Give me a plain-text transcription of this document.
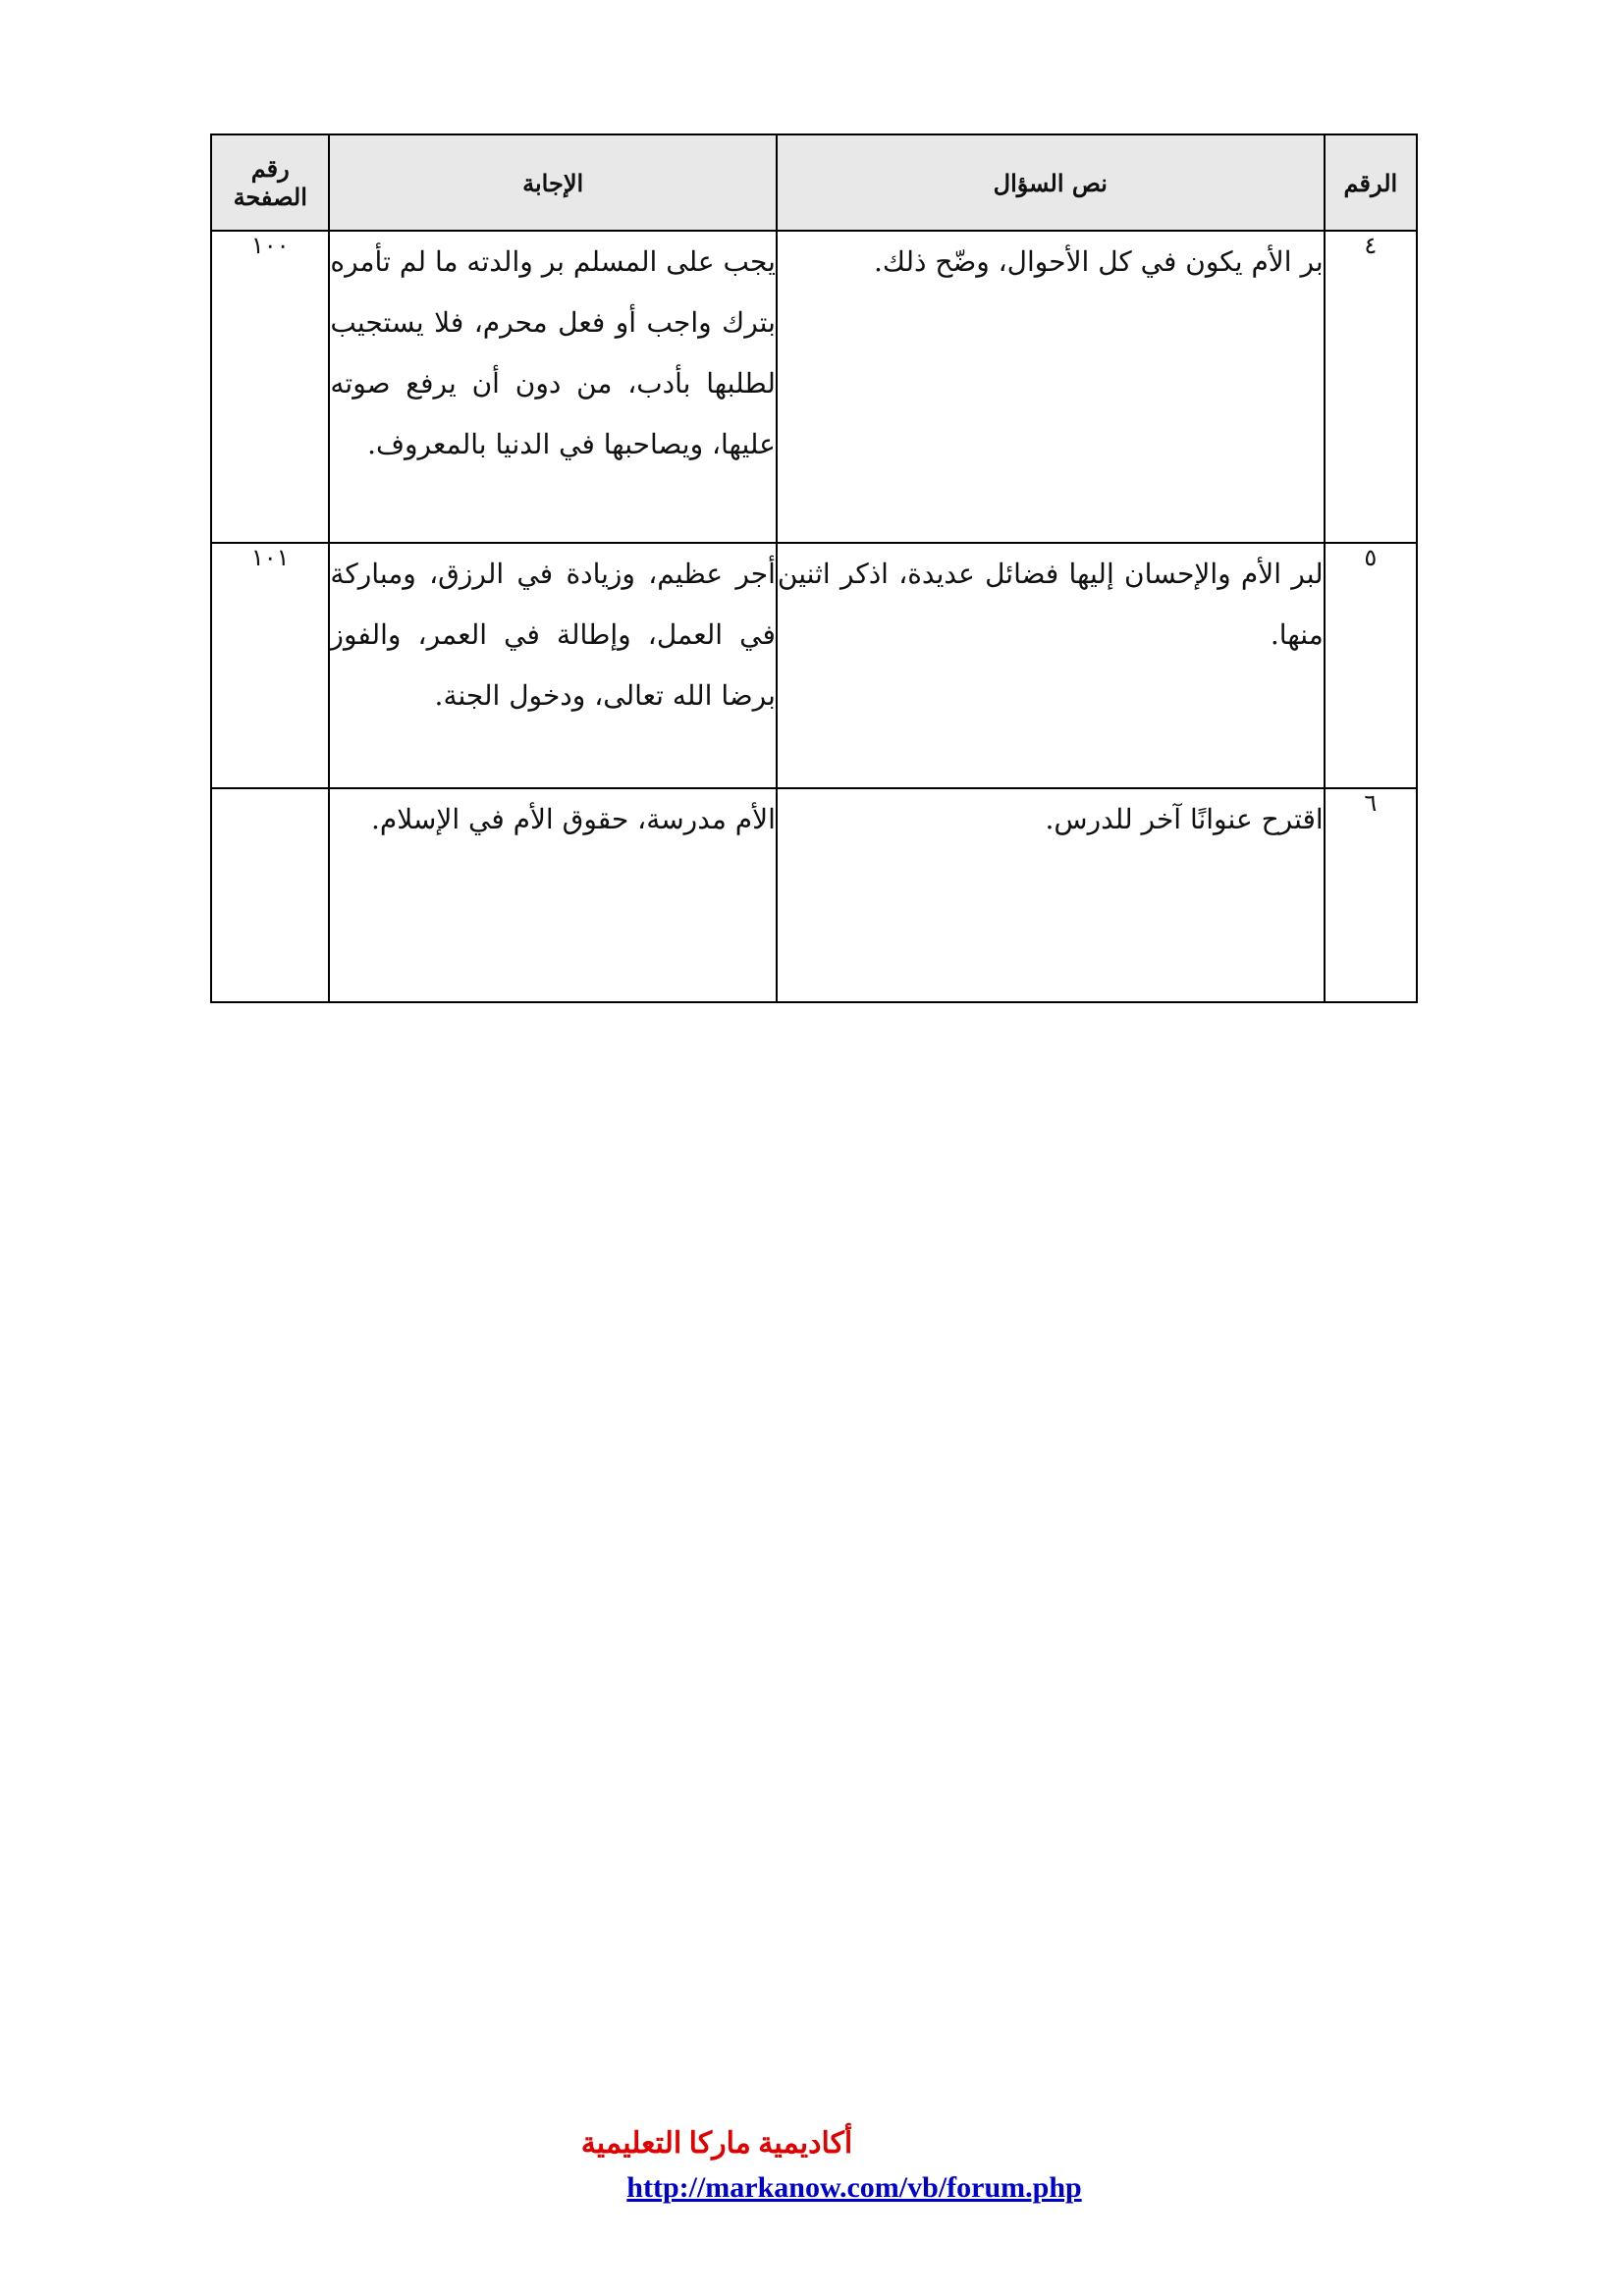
الرقم	نص السؤال	الإجابة	رقم الصفحة
٤	بر الأم يكون في كل الأحوال، وضّح ذلك.	يجب على المسلم بر والدته ما لم تأمره بترك واجب أو فعل محرم، فلا يستجيب لطلبها بأدب، من دون أن يرفع صوته عليها، ويصاحبها في الدنيا بالمعروف.	١٠٠
٥	لبر الأم والإحسان إليها فضائل عديدة، اذكر اثنين منها.	أجر عظيم، وزيادة في الرزق، ومباركة في العمل، وإطالة في العمر، والفوز برضا الله تعالى، ودخول الجنة.	١٠١
٦	اقترح عنوانًا آخر للدرس.	الأم مدرسة، حقوق الأم في الإسلام.	
أكاديمية ماركا التعليمية
http://markanow.com/vb/forum.php
